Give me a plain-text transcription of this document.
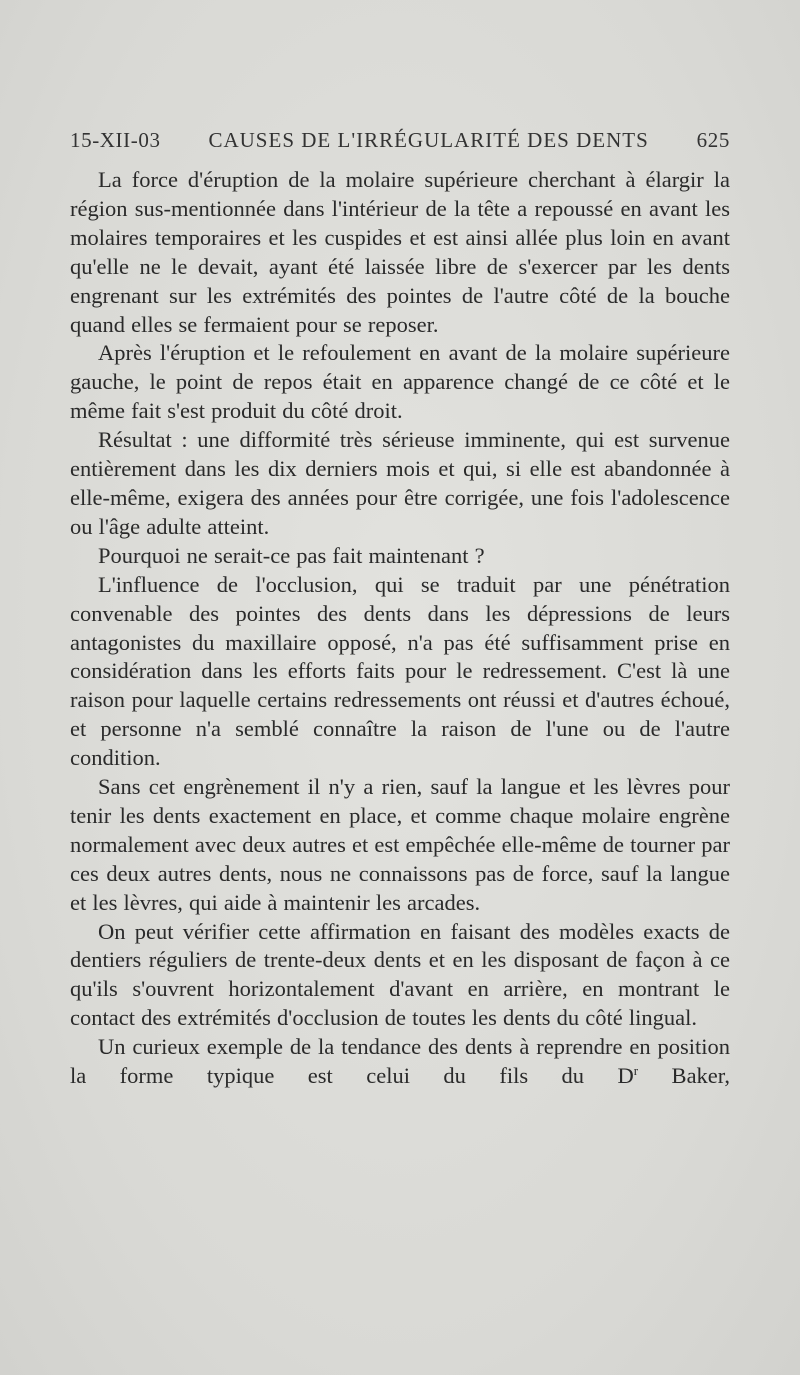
15-XII-03 CAUSES DE L'IRRÉGULARITÉ DES DENTS 625

La force d'éruption de la molaire supérieure cherchant à élargir la région sus-mentionnée dans l'intérieur de la tête a repoussé en avant les molaires temporaires et les cuspides et est ainsi allée plus loin en avant qu'elle ne le devait, ayant été laissée libre de s'exercer par les dents engrenant sur les extrémités des pointes de l'autre côté de la bouche quand elles se fermaient pour se reposer.

Après l'éruption et le refoulement en avant de la molaire supérieure gauche, le point de repos était en apparence changé de ce côté et le même fait s'est produit du côté droit.

Résultat : une difformité très sérieuse imminente, qui est survenue entièrement dans les dix derniers mois et qui, si elle est abandonnée à elle-même, exigera des années pour être corrigée, une fois l'adolescence ou l'âge adulte atteint.

Pourquoi ne serait-ce pas fait maintenant ?

L'influence de l'occlusion, qui se traduit par une pénétration convenable des pointes des dents dans les dépressions de leurs antagonistes du maxillaire opposé, n'a pas été suffisamment prise en considération dans les efforts faits pour le redressement. C'est là une raison pour laquelle certains redressements ont réussi et d'autres échoué, et personne n'a semblé connaître la raison de l'une ou de l'autre condition.

Sans cet engrènement il n'y a rien, sauf la langue et les lèvres pour tenir les dents exactement en place, et comme chaque molaire engrène normalement avec deux autres et est empêchée elle-même de tourner par ces deux autres dents, nous ne connaissons pas de force, sauf la langue et les lèvres, qui aide à maintenir les arcades.

On peut vérifier cette affirmation en faisant des modèles exacts de dentiers réguliers de trente-deux dents et en les disposant de façon à ce qu'ils s'ouvrent horizontalement d'avant en arrière, en montrant le contact des extrémités d'occlusion de toutes les dents du côté lingual.

Un curieux exemple de la tendance des dents à reprendre en position la forme typique est celui du fils du $D^r$ Baker,
